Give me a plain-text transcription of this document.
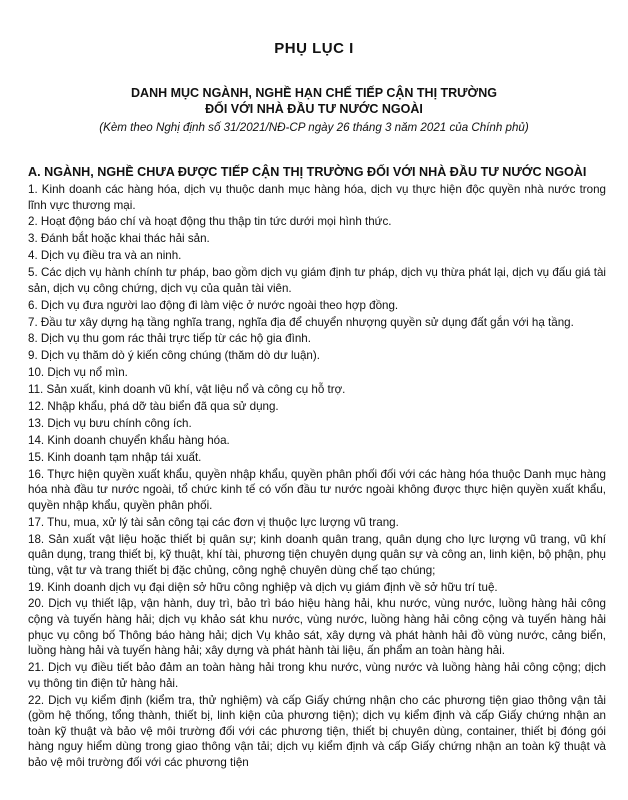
PHỤ LỤC I
DANH MỤC NGÀNH, NGHỀ HẠN CHẾ TIẾP CẬN THỊ TRƯỜNG
ĐỐI VỚI NHÀ ĐẦU TƯ NƯỚC NGOÀI

(Kèm theo Nghị định số 31/2021/NĐ-CP ngày 26 tháng 3 năm 2021 của Chính phủ)

A. NGÀNH, NGHỀ CHƯA ĐƯỢC TIẾP CẬN THỊ TRƯỜNG ĐỐI VỚI NHÀ ĐẦU TƯ NƯỚC NGOÀI
1. Kinh doanh các hàng hóa, dịch vụ thuộc danh mục hàng hóa, dịch vụ thực hiện độc quyền nhà nước trong lĩnh vực thương mại.
2. Hoạt động báo chí và hoạt động thu thập tin tức dưới mọi hình thức.
3. Đánh bắt hoặc khai thác hải sản.
4. Dịch vụ điều tra và an ninh.
5. Các dịch vụ hành chính tư pháp, bao gồm dịch vụ giám định tư pháp, dịch vụ thừa phát lại, dịch vụ đấu giá tài sản, dịch vụ công chứng, dịch vụ của quản tài viên.
6. Dịch vụ đưa người lao động đi làm việc ở nước ngoài theo hợp đồng.
7. Đầu tư xây dựng hạ tầng nghĩa trang, nghĩa địa để chuyển nhượng quyền sử dụng đất gắn với hạ tầng.
8. Dịch vụ thu gom rác thải trực tiếp từ các hộ gia đình.
9. Dịch vụ thăm dò ý kiến công chúng (thăm dò dư luận).
10. Dịch vụ nổ mìn.
11. Sản xuất, kinh doanh vũ khí, vật liệu nổ và công cụ hỗ trợ.
12. Nhập khẩu, phá dỡ tàu biển đã qua sử dụng.
13. Dịch vụ bưu chính công ích.
14. Kinh doanh chuyển khẩu hàng hóa.
15. Kinh doanh tạm nhập tái xuất.
16. Thực hiện quyền xuất khẩu, quyền nhập khẩu, quyền phân phối đối với các hàng hóa thuộc Danh mục hàng hóa nhà đầu tư nước ngoài, tổ chức kinh tế có vốn đầu tư nước ngoài không được thực hiện quyền xuất khẩu, quyền nhập khẩu, quyền phân phối.
17. Thu, mua, xử lý tài sản công tại các đơn vị thuộc lực lượng vũ trang.
18. Sản xuất vật liệu hoặc thiết bị quân sự; kinh doanh quân trang, quân dụng cho lực lượng vũ trang, vũ khí quân dụng, trang thiết bị, kỹ thuật, khí tài, phương tiện chuyên dụng quân sự và công an, linh kiện, bộ phận, phụ tùng, vật tư và trang thiết bị đặc chủng, công nghệ chuyên dùng chế tạo chúng;
19. Kinh doanh dịch vụ đại diện sở hữu công nghiệp và dịch vụ giám định về sở hữu trí tuệ.
20. Dịch vụ thiết lập, vận hành, duy trì, bảo trì báo hiệu hàng hải, khu nước, vùng nước, luồng hàng hải công cộng và tuyến hàng hải; dịch vụ khảo sát khu nước, vùng nước, luồng hàng hải công cộng và tuyến hàng hải phục vụ công bố Thông báo hàng hải; dịch Vụ khảo sát, xây dựng và phát hành hải đồ vùng nước, cảng biển, luồng hàng hải và tuyến hàng hải; xây dựng và phát hành tài liệu, ấn phẩm an toàn hàng hải.
21. Dịch vụ điều tiết bảo đảm an toàn hàng hải trong khu nước, vùng nước và luồng hàng hải công cộng; dịch vụ thông tin điện tử hàng hải.
22. Dịch vụ kiểm định (kiểm tra, thử nghiệm) và cấp Giấy chứng nhận cho các phương tiện giao thông vận tải (gồm hệ thống, tổng thành, thiết bị, linh kiện của phương tiện); dịch vụ kiểm định và cấp Giấy chứng nhận an toàn kỹ thuật và bảo vệ môi trường đối với các phương tiện, thiết bị chuyên dùng, container, thiết bị đóng gói hàng nguy hiểm dùng trong giao thông vận tải; dịch vụ kiểm định và cấp Giấy chứng nhận an toàn kỹ thuật và bảo vệ môi trường đối với các phương tiện
